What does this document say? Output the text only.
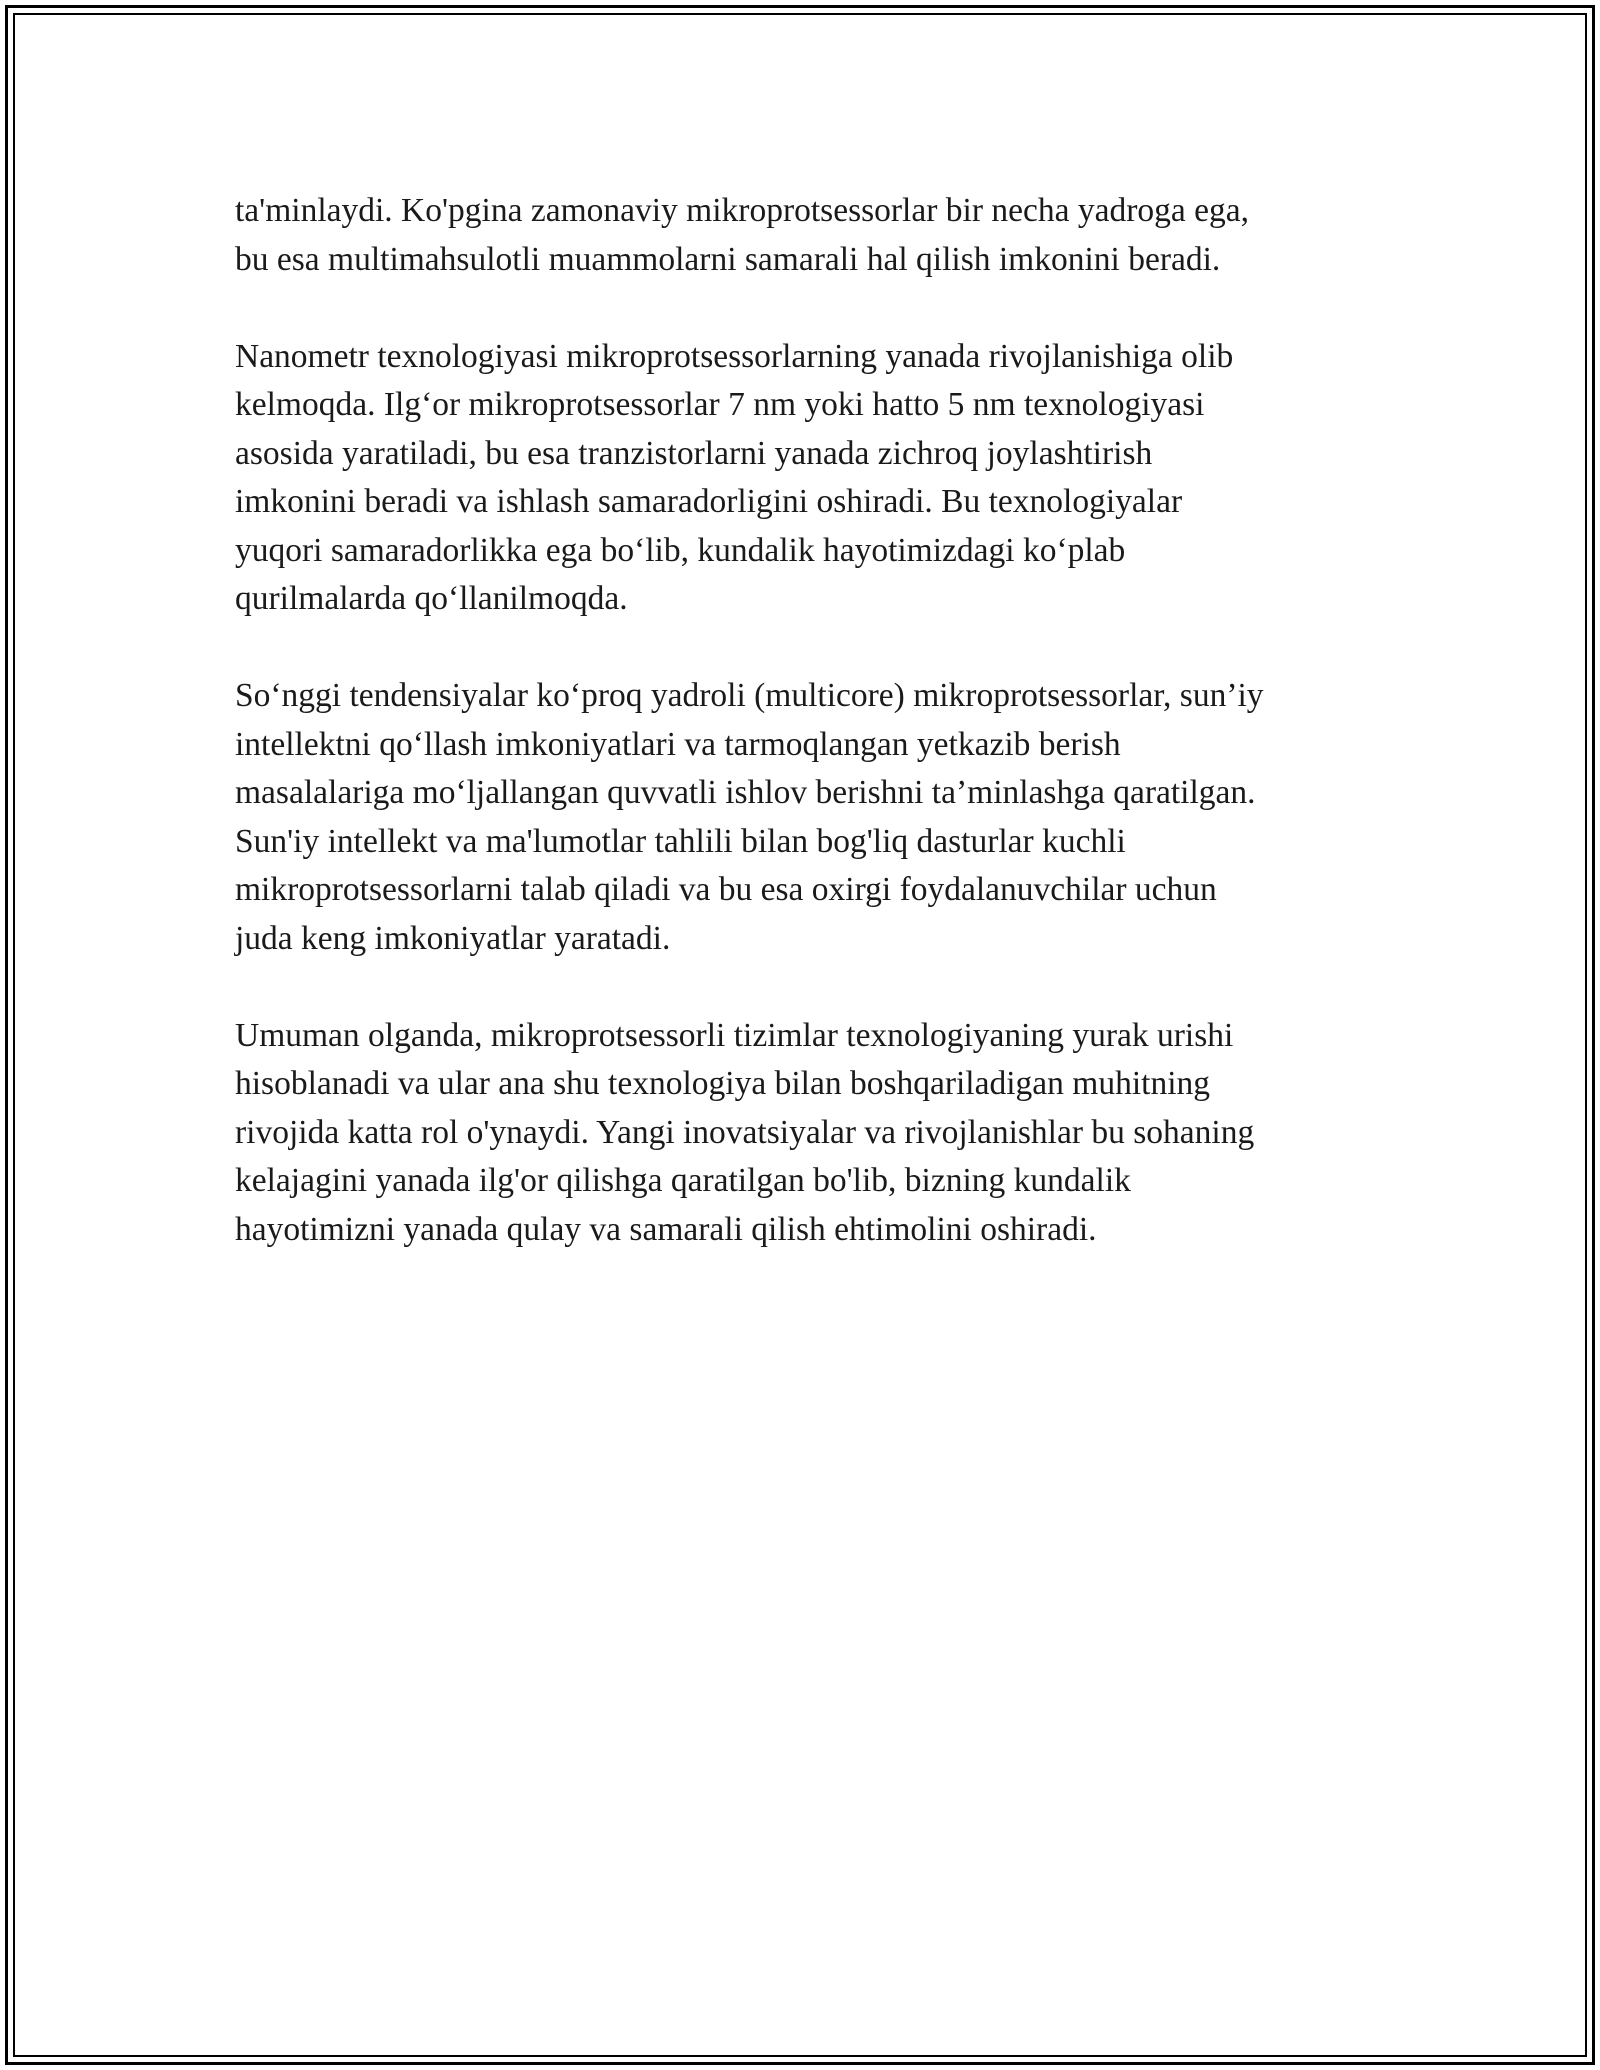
ta'minlaydi. Ko'pgina zamonaviy mikroprotsessorlar bir necha yadroga ega,
bu esa multimahsulotli muammolarni samarali hal qilish imkonini beradi.

Nanometr texnologiyasi mikroprotsessorlarning yanada rivojlanishiga olib
kelmoqda. Ilg‘or mikroprotsessorlar 7 nm yoki hatto 5 nm texnologiyasi
asosida yaratiladi, bu esa tranzistorlarni yanada zichroq joylashtirish
imkonini beradi va ishlash samaradorligini oshiradi. Bu texnologiyalar
yuqori samaradorlikka ega bo‘lib, kundalik hayotimizdagi ko‘plab
qurilmalarda qo‘llanilmoqda.

So‘nggi tendensiyalar ko‘proq yadroli (multicore) mikroprotsessorlar, sun’iy
intellektni qo‘llash imkoniyatlari va tarmoqlangan yetkazib berish
masalalariga mo‘ljallangan quvvatli ishlov berishni ta’minlashga qaratilgan.
Sun'iy intellekt va ma'lumotlar tahlili bilan bog'liq dasturlar kuchli
mikroprotsessorlarni talab qiladi va bu esa oxirgi foydalanuvchilar uchun
juda keng imkoniyatlar yaratadi.

Umuman olganda, mikroprotsessorli tizimlar texnologiyaning yurak urishi
hisoblanadi va ular ana shu texnologiya bilan boshqariladigan muhitning
rivojida katta rol o'ynaydi. Yangi inovatsiyalar va rivojlanishlar bu sohaning
kelajagini yanada ilg'or qilishga qaratilgan bo'lib, bizning kundalik
hayotimizni yanada qulay va samarali qilish ehtimolini oshiradi.
